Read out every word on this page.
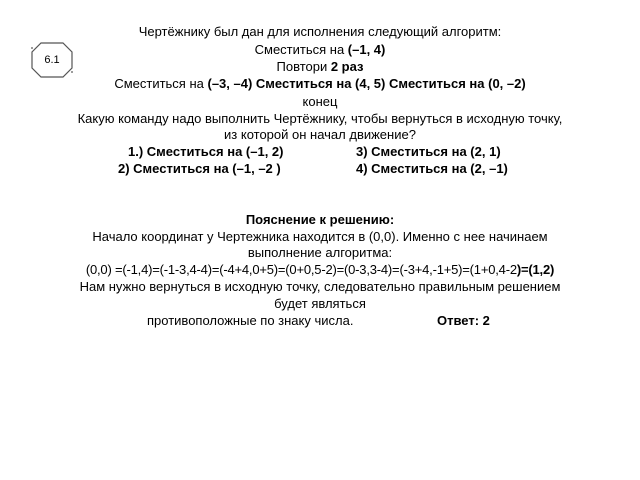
6.1
Чертёжнику был дан для исполнения следующий алгоритм:
Сместиться на (–1, 4)
Повтори 2 раз
Сместиться на (–3, –4) Сместиться на (4, 5) Сместиться на (0, –2)
конец
Какую команду надо выполнить Чертёжнику, чтобы вернуться в исходную точку,
из которой он начал движение?
1.) Сместиться на (–1, 2)	3) Сместиться на (2, 1)
2) Сместиться на (–1, –2 )	4) Сместиться на (2, –1)
Пояснение к решению:
Начало координат у Чертежника находится в (0,0). Именно с нее начинаем
выполнение алгоритма:
(0,0) =(-1,4)=(-1-3,4-4)=(-4+4,0+5)=(0+0,5-2)=(0-3,3-4)=(-3+4,-1+5)=(1+0,4-2)=(1,2)
Нам нужно вернуться в исходную точку, следовательно правильным решением
будет являться
противоположные по знаку числа.	Ответ: 2
